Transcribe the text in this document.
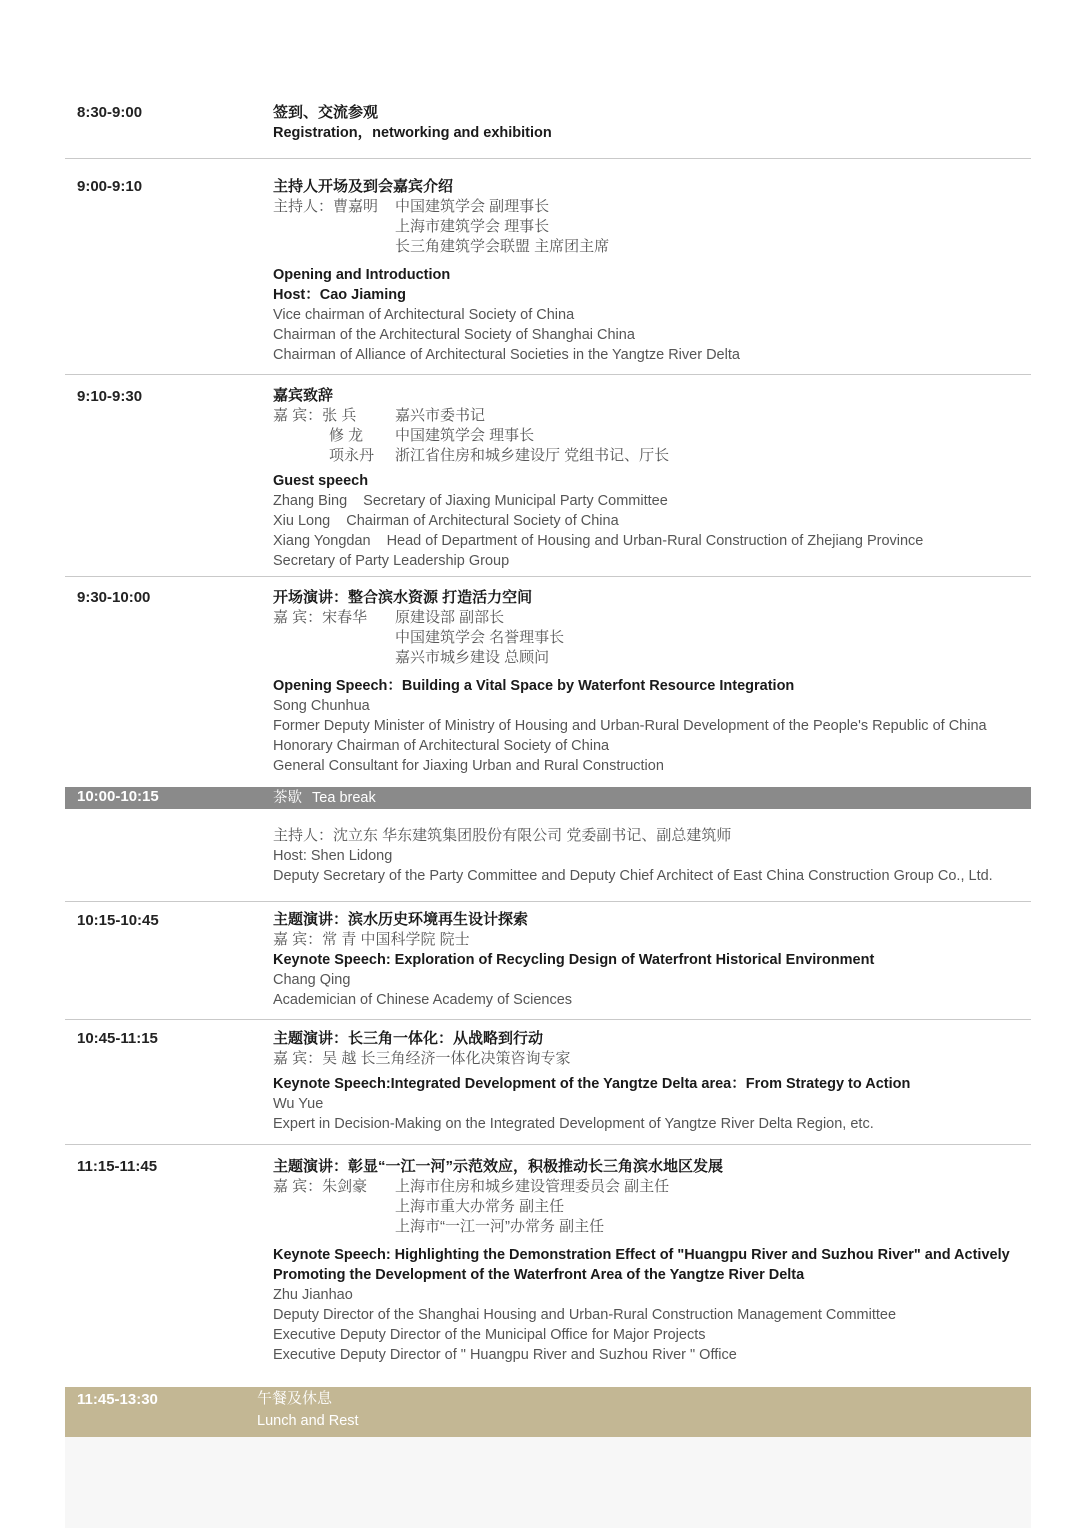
8:30-9:00	签到、交流参观
Registration，networking and exhibition
9:00-9:10	主持人开场及到会嘉宾介绍
主持人：曹嘉明 中国建筑学会 副理事长
上海市建筑学会 理事长
长三角建筑学会联盟 主席团主席
Opening and Introduction
Host：Cao Jiaming
Vice chairman of Architectural Society of China
Chairman of the Architectural Society of Shanghai China
Chairman of Alliance of Architectural Societies in the Yangtze River Delta
9:10-9:30	嘉宾致辞
嘉 宾：张 兵	嘉兴市委书记
修 龙 中国建筑学会 理事长
项永丹 浙江省住房和城乡建设厅 党组书记、厅长
Guest speech
Zhang Bing Secretary of Jiaxing Municipal Party Committee
Xiu Long Chairman of Architectural Society of China
Xiang Yongdan Head of Department of Housing and Urban-Rural Construction of Zhejiang Province
Secretary of Party Leadership Group
9:30-10:00	开场演讲：整合滨水资源 打造活力空间
嘉 宾：宋春华 原建设部 副部长
中国建筑学会 名誉理事长
嘉兴市城乡建设 总顾问
Opening Speech：Building a Vital Space by Waterfont Resource Integration
Song Chunhua
Former Deputy Minister of Ministry of Housing and Urban-Rural Development of the People's Republic of China
Honorary Chairman of Architectural Society of China
General Consultant for Jiaxing Urban and Rural Construction
10:00-10:15	茶歇 Tea break
主持人：沈立东 华东建筑集团股份有限公司 党委副书记、副总建筑师
Host: Shen Lidong
Deputy Secretary of the Party Committee and Deputy Chief Architect of East China Construction Group Co., Ltd.
10:15-10:45	主题演讲：滨水历史环境再生设计探索
嘉 宾：常 青 中国科学院 院士
Keynote Speech: Exploration of Recycling Design of Waterfront Historical Environment
Chang Qing
Academician of Chinese Academy of Sciences
10:45-11:15	主题演讲：长三角一体化：从战略到行动
嘉 宾：吴 越 长三角经济一体化决策咨询专家
Keynote Speech:Integrated Development of the Yangtze Delta area：From Strategy to Action
Wu Yue
Expert in Decision-Making on the Integrated Development of Yangtze River Delta Region, etc.
11:15-11:45	主题演讲：彰显“一江一河”示范效应，积极推动长三角滨水地区发展
嘉 宾：朱剑豪 上海市住房和城乡建设管理委员会 副主任
上海市重大办常务 副主任
上海市“一江一河”办常务 副主任
Keynote Speech: Highlighting the Demonstration Effect of "Huangpu River and Suzhou River" and Actively
Promoting the Development of the Waterfront Area of the Yangtze River Delta
Zhu Jianhao
Deputy Director of the Shanghai Housing and Urban-Rural Construction Management Committee
Executive Deputy Director of the Municipal Office for Major Projects
Executive Deputy Director of " Huangpu River and Suzhou River " Office
11:45-13:30	午餐及休息
Lunch and Rest
